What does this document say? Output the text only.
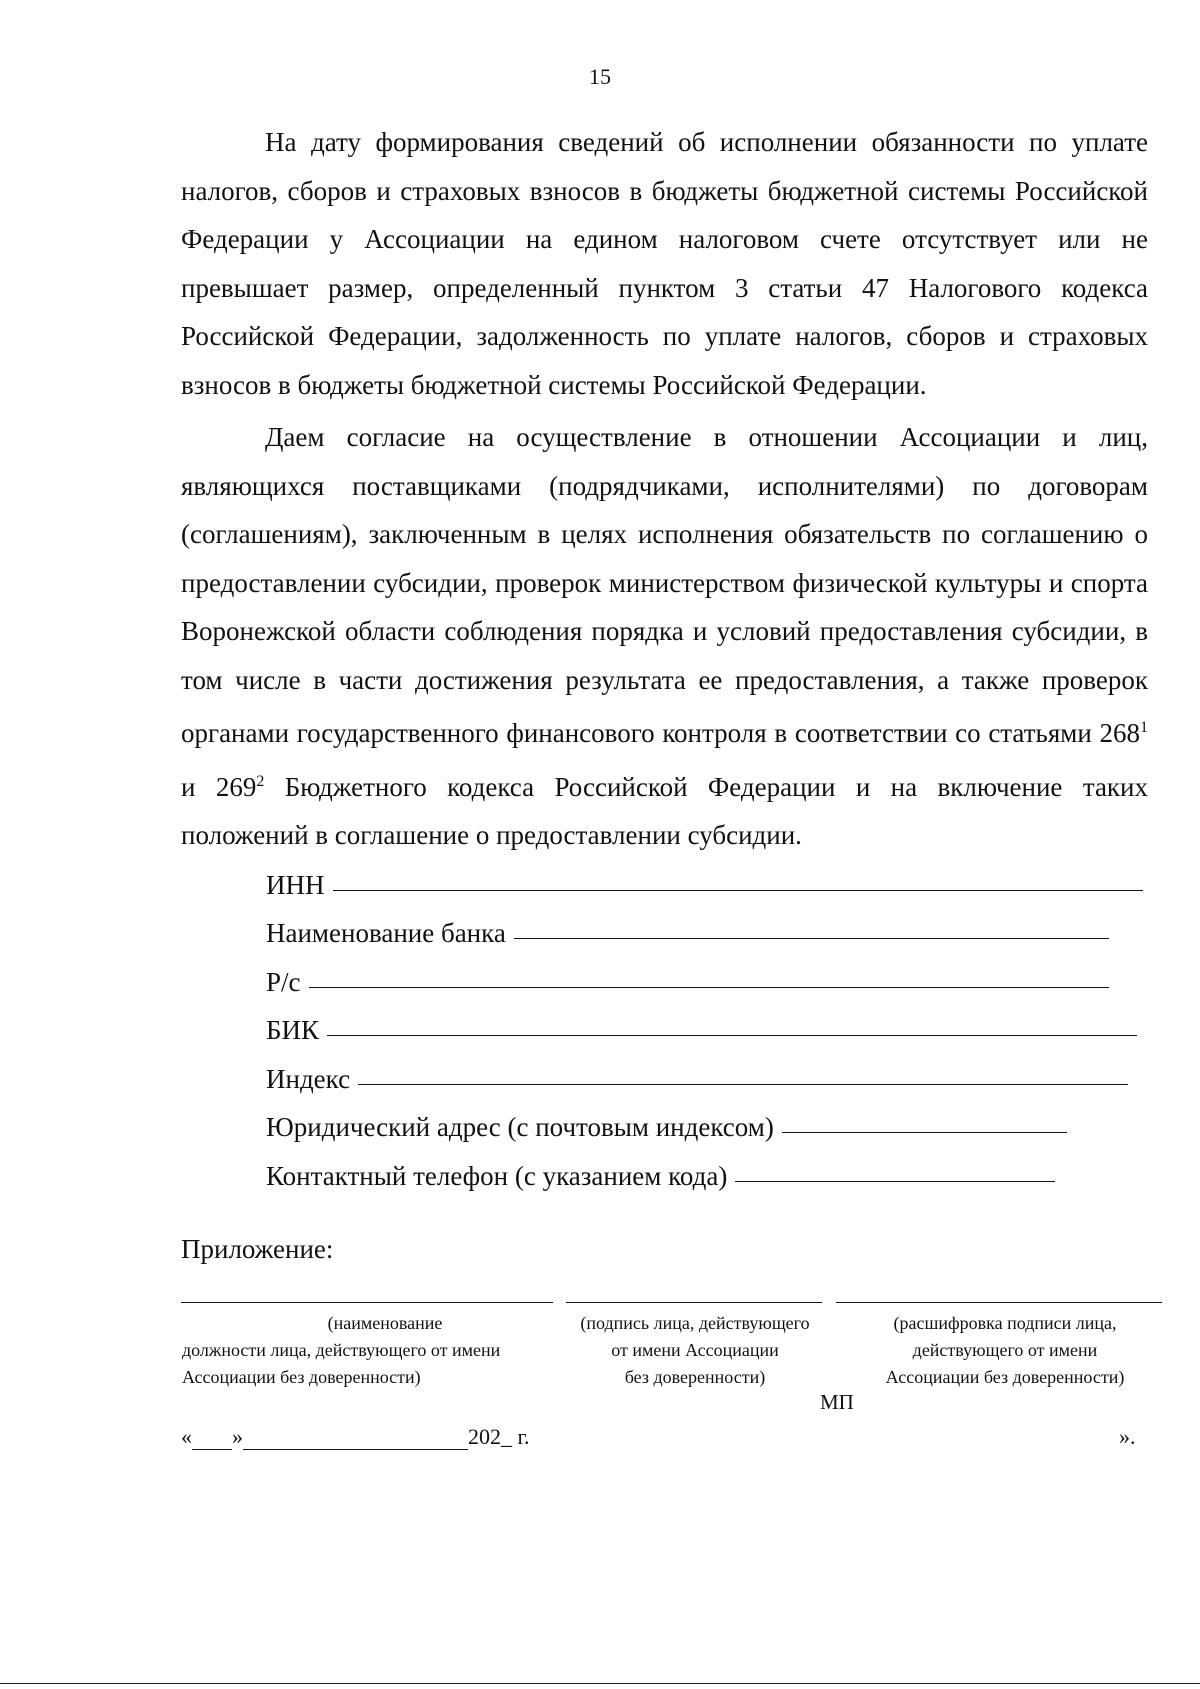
15

На дату формирования сведений об исполнении обязанности по уплате налогов, сборов и страховых взносов в бюджеты бюджетной системы Российской Федерации у Ассоциации на едином налоговом счете отсутствует или не превышает размер, определенный пунктом 3 статьи 47 Налогового кодекса Российской Федерации, задолженность по уплате налогов, сборов и страховых взносов в бюджеты бюджетной системы Российской Федерации.

Даем согласие на осуществление в отношении Ассоциации и лиц, являющихся поставщиками (подрядчиками, исполнителями) по договорам (соглашениям), заключенным в целях исполнения обязательств по соглашению о предоставлении субсидии, проверок министерством физической культуры и спорта Воронежской области соблюдения порядка и условий предоставления субсидии, в том числе в части достижения результата ее предоставления, а также проверок органами государственного финансового контроля в соответствии со статьями $268^1$ и $269^2$ Бюджетного кодекса Российской Федерации и на включение таких положений в соглашение о предоставлении субсидии.

ИНН
Наименование банка
Р/с
БИК
Индекс
Юридический адрес (с почтовым индексом)
Контактный телефон (с указанием кода)
Приложение:
(наименование
должности лица, действующего от имени
Ассоциации без доверенности)
(подпись лица, действующего
от имени Ассоциации
без доверенности)
(расшифровка подписи лица,
действующего от имени
Ассоциации без доверенности)
МП
« »	202_ г.	».
